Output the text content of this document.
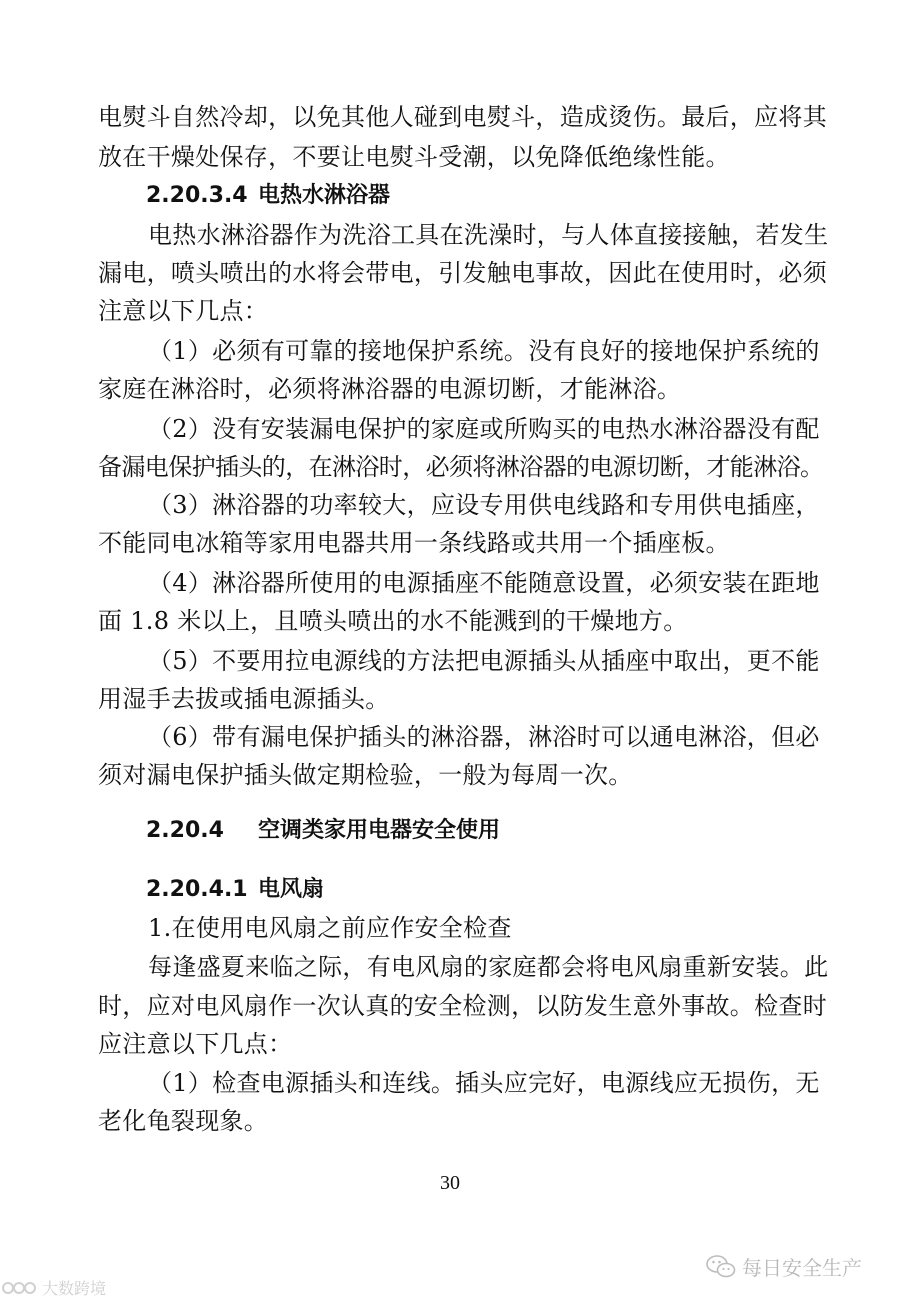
电熨斗自然冷却，以免其他人碰到电熨斗，造成烫伤。最后，应将其
放在干燥处保存，不要让电熨斗受潮，以免降低绝缘性能。
2.20.3.4 电热水淋浴器
电热水淋浴器作为洗浴工具在洗澡时，与人体直接接触，若发生
漏电，喷头喷出的水将会带电，引发触电事故，因此在使用时，必须
注意以下几点：
（1）必须有可靠的接地保护系统。没有良好的接地保护系统的
家庭在淋浴时，必须将淋浴器的电源切断，才能淋浴。
（2）没有安装漏电保护的家庭或所购买的电热水淋浴器没有配
备漏电保护插头的，在淋浴时，必须将淋浴器的电源切断，才能淋浴。
（3）淋浴器的功率较大，应设专用供电线路和专用供电插座，
不能同电冰箱等家用电器共用一条线路或共用一个插座板。
（4）淋浴器所使用的电源插座不能随意设置，必须安装在距地
面 1.8 米以上，且喷头喷出的水不能溅到的干燥地方。
（5）不要用拉电源线的方法把电源插头从插座中取出，更不能
用湿手去拔或插电源插头。
（6）带有漏电保护插头的淋浴器，淋浴时可以通电淋浴，但必
须对漏电保护插头做定期检验，一般为每周一次。
2.20.4 空调类家用电器安全使用
2.20.4.1 电风扇
1.在使用电风扇之前应作安全检查
每逢盛夏来临之际，有电风扇的家庭都会将电风扇重新安装。此
时，应对电风扇作一次认真的安全检测，以防发生意外事故。检查时
应注意以下几点：
（1）检查电源插头和连线。插头应完好，电源线应无损伤，无
老化龟裂现象。
30
大数跨境
每日安全生产
